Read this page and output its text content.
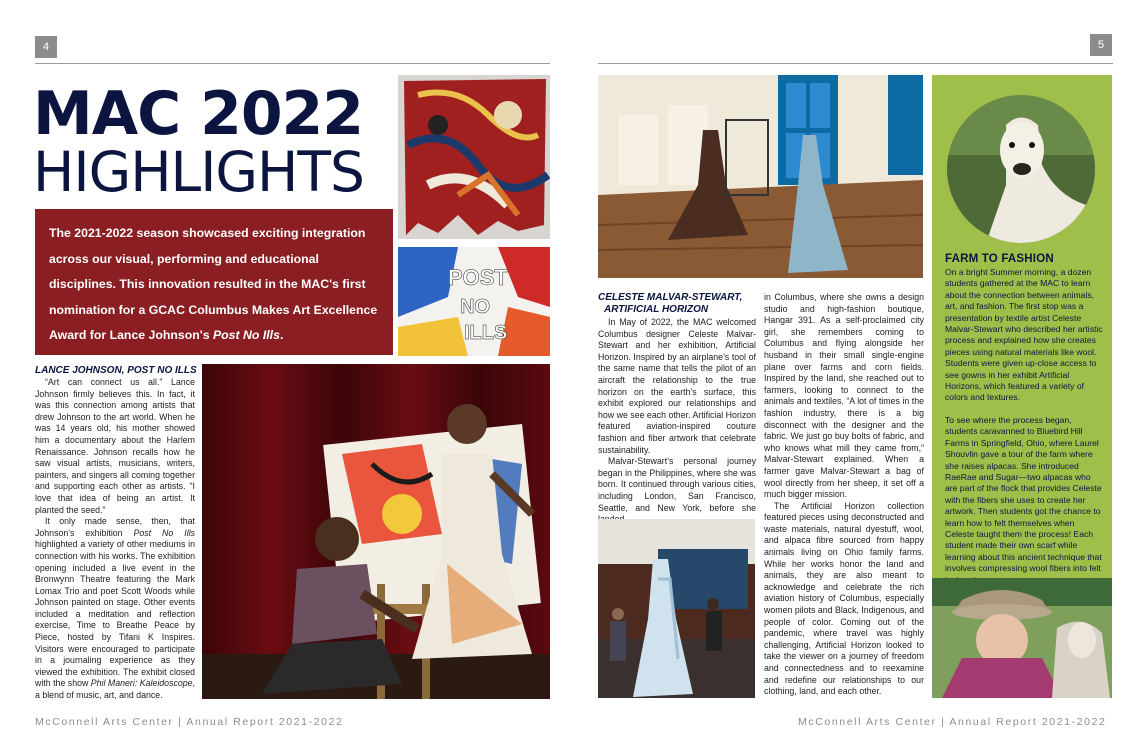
4
MAC 2022
HIGHLIGHTS
POST
NO
ILLS
The 2021-2022 season showcased exciting integration across our visual, performing and educational disciplines. This innovation resulted in the MAC's first nomination for a GCAC Columbus Makes Art Excellence Award for Lance Johnson's Post No Ills.
LANCE JOHNSON, POST NO ILLS

“Art can connect us all.” Lance Johnson firmly believes this. In fact, it was this connection among artists that drew Johnson to the art world. When he was 14 years old, his mother showed him a documentary about the Harlem Renaissance. Johnson recalls how he saw visual artists, musicians, writers, painters, and singers all coming together and supporting each other as artists. “I love that idea of being an artist. It planted the seed.”

It only made sense, then, that Johnson’s exhibition Post No Ills highlighted a variety of other mediums in connection with his works. The exhibition opening included a live event in the Bronwynn Theatre featuring the Mark Lomax Trio and poet Scott Woods while Johnson painted on stage. Other events included a meditation and reflection exercise, Time to Breathe Peace by Piece, hosted by Tifani K Inspires. Visitors were encouraged to participate in a journaling experience as they viewed the exhibition. The exhibit closed with the show Phil Maneri: Kaleidoscope, a blend of music, art, and dance.

McConnell Arts Center | Annual Report 2021-2022
5
CELESTE MALVAR-STEWART,
ARTIFICIAL HORIZON

In May of 2022, the MAC welcomed Columbus designer Celeste Malvar-Stewart and her exhibition, Artificial Horizon. Inspired by an airplane’s tool of the same name that tells the pilot of an aircraft the relationship to the true horizon on the earth’s surface, this exhibit explored our relationships and how we see each other. Artificial Horizon featured aviation-inspired couture fashion and fiber artwork that celebrate sustainability.

Malvar-Stewart’s personal journey began in the Philippines, where she was born. It continued through various cities, including London, San Francisco, Seattle, and New York, before she

in Columbus, where she owns a design studio and high-fashion boutique, Hangar 391. As a self-proclaimed city girl, she remembers coming to Columbus and flying alongside her husband in their small single-engine plane over farms and corn fields. Inspired by the land, she reached out to farmers, looking to connect to the animals and textiles. “A lot of times in the fashion industry, there is a big disconnect with the designer and the fabric. We just go buy bolts of fabric, and who knows what mill they came from,” Malvar-Stewart explained. When a farmer gave Malvar-Stewart a bag of wool directly from her sheep, it set off a much bigger mission.

The Artificial Horizon collection featured pieces using deconstructed and waste materials, natural dyestuff, wool, and alpaca fibre sourced from happy animals living on Ohio family farms. While her works honor the land and animals, they are also meant to acknowledge and celebrate the rich aviation history of Columbus, especially women pilots and Black, Indigenous, and people of color. Coming out of the pandemic, where travel was highly challenging, Artificial Horizon looked to take the viewer on a journey of freedom and connectedness and to reexamine and redefine our relationships to our clothing, land, and each other.

FARM TO FASHION

On a bright Summer morning, a dozen students gathered at the MAC to learn about the connection between animals, art, and fashion. The first stop was a presentation by textile artist Celeste Malvar-Stewart who described her artistic process and explained how she creates pieces using natural materials like wool. Students were given up-close access to see gowns in her exhibit Artificial Horizons, which featured a variety of colors and textures.

To see where the process began, students caravanned to Bluebird Hill Farms in Springfield, Ohio, where Laurel Shouvlin gave a tour of the farm where she raises alpacas. She introduced RaeRae and Sugar—two alpacas who are part of the flock that provides Celeste with the fibers she uses to create her artwork. Then students got the chance to learn how to felt themselves when Celeste taught them the process! Each student made their own scarf while learning about this ancient technique that involves compressing wool fibers into felt

McConnell Arts Center | Annual Report 2021-2022
